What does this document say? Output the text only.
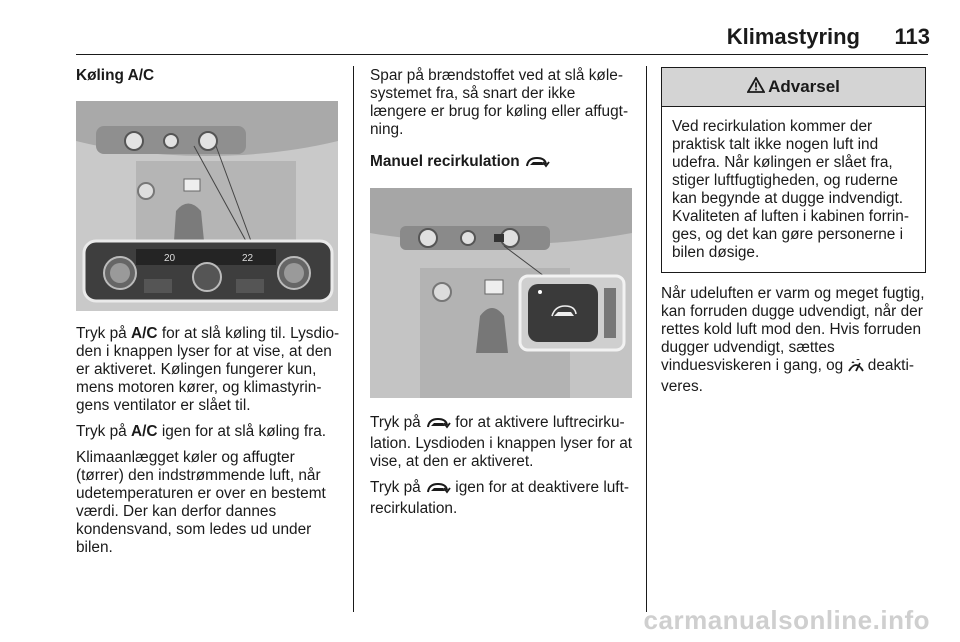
Klimastyring 113
Køling A/C
20	22

Tryk på A/C for at slå køling til. Lysdioden i knappen lyser for at vise, at den er aktiveret. Kølingen fungerer kun, mens motoren kører, og klimastyringens ventilator er slået til.

Tryk på A/C igen for at slå køling fra.

Klimaanlægget køler og affugter (tørrer) den indstrømmende luft, når udetemperaturen er over en bestemt værdi. Der kan derfor dannes kondensvand, som ledes ud under bilen.

Spar på brændstoffet ved at slå kølesystemet fra, så snart der ikke længere er brug for køling eller affugtning.

Manuel recirkulation

Tryk på  for at aktivere luftrecirkulation. Lysdioden i knappen lyser for at vise, at den er aktiveret.

Tryk på  igen for at deaktivere luftrecirkulation.

Advarsel
Ved recirkulation kommer der praktisk talt ikke nogen luft ind udefra. Når kølingen er slået fra, stiger luftfugtigheden, og ruderne kan begynde at dugge indvendigt. Kvaliteten af luften i kabinen forringes, og det kan gøre personerne i bilen døsige.

Når udeluften er varm og meget fugtig, kan forruden dugge udvendigt, når der rettes kold luft mod den. Hvis forruden dugger udvendigt, sættes vinduesviskeren i gang, og  deaktiveres.

carmanualsonline.info
